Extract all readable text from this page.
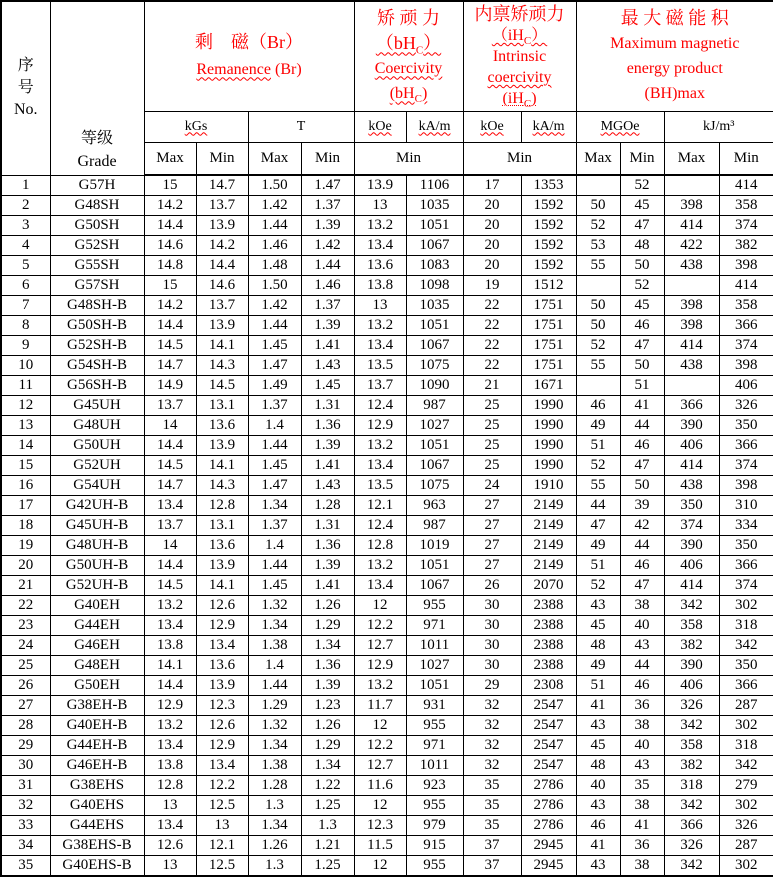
序
号
No.

等级
Grade

剩　磁（Br）
Remanence (Br)

矫 顽 力
$(bH_C)$
Coercivity
$(bH_C)$

内禀矫顽力
$(iH_C)$
Intrinsic
coercivity
$(iH_C)$

最 大 磁 能 积
Maximum magnetic
energy product
(BH)max

		kGs		T		kOe	kA/m	kOe	kA/m	MGOe		kJ/m³	
		Max	Min	Max	Min	Min		Min		Max	Min	Max	Min
1	G57H	15	14.7	1.50	1.47	13.9	1106	17	1353		52		414
2	G48SH	14.2	13.7	1.42	1.37	13	1035	20	1592	50	45	398	358
3	G50SH	14.4	13.9	1.44	1.39	13.2	1051	20	1592	52	47	414	374
4	G52SH	14.6	14.2	1.46	1.42	13.4	1067	20	1592	53	48	422	382
5	G55SH	14.8	14.4	1.48	1.44	13.6	1083	20	1592	55	50	438	398
6	G57SH	15	14.6	1.50	1.46	13.8	1098	19	1512		52		414
7	G48SH-B	14.2	13.7	1.42	1.37	13	1035	22	1751	50	45	398	358
8	G50SH-B	14.4	13.9	1.44	1.39	13.2	1051	22	1751	50	46	398	366
9	G52SH-B	14.5	14.1	1.45	1.41	13.4	1067	22	1751	52	47	414	374
10	G54SH-B	14.7	14.3	1.47	1.43	13.5	1075	22	1751	55	50	438	398
11	G56SH-B	14.9	14.5	1.49	1.45	13.7	1090	21	1671		51		406
12	G45UH	13.7	13.1	1.37	1.31	12.4	987	25	1990	46	41	366	326
13	G48UH	14	13.6	1.4	1.36	12.9	1027	25	1990	49	44	390	350
14	G50UH	14.4	13.9	1.44	1.39	13.2	1051	25	1990	51	46	406	366
15	G52UH	14.5	14.1	1.45	1.41	13.4	1067	25	1990	52	47	414	374
16	G54UH	14.7	14.3	1.47	1.43	13.5	1075	24	1910	55	50	438	398
17	G42UH-B	13.4	12.8	1.34	1.28	12.1	963	27	2149	44	39	350	310
18	G45UH-B	13.7	13.1	1.37	1.31	12.4	987	27	2149	47	42	374	334
19	G48UH-B	14	13.6	1.4	1.36	12.8	1019	27	2149	49	44	390	350
20	G50UH-B	14.4	13.9	1.44	1.39	13.2	1051	27	2149	51	46	406	366
21	G52UH-B	14.5	14.1	1.45	1.41	13.4	1067	26	2070	52	47	414	374
22	G40EH	13.2	12.6	1.32	1.26	12	955	30	2388	43	38	342	302
23	G44EH	13.4	12.9	1.34	1.29	12.2	971	30	2388	45	40	358	318
24	G46EH	13.8	13.4	1.38	1.34	12.7	1011	30	2388	48	43	382	342
25	G48EH	14.1	13.6	1.4	1.36	12.9	1027	30	2388	49	44	390	350
26	G50EH	14.4	13.9	1.44	1.39	13.2	1051	29	2308	51	46	406	366
27	G38EH-B	12.9	12.3	1.29	1.23	11.7	931	32	2547	41	36	326	287
28	G40EH-B	13.2	12.6	1.32	1.26	12	955	32	2547	43	38	342	302
29	G44EH-B	13.4	12.9	1.34	1.29	12.2	971	32	2547	45	40	358	318
30	G46EH-B	13.8	13.4	1.38	1.34	12.7	1011	32	2547	48	43	382	342
31	G38EHS	12.8	12.2	1.28	1.22	11.6	923	35	2786	40	35	318	279
32	G40EHS	13	12.5	1.3	1.25	12	955	35	2786	43	38	342	302
33	G44EHS	13.4	13	1.34	1.3	12.3	979	35	2786	46	41	366	326
34	G38EHS-B	12.6	12.1	1.26	1.21	11.5	915	37	2945	41	36	326	287
35	G40EHS-B	13	12.5	1.3	1.25	12	955	37	2945	43	38	342	302
